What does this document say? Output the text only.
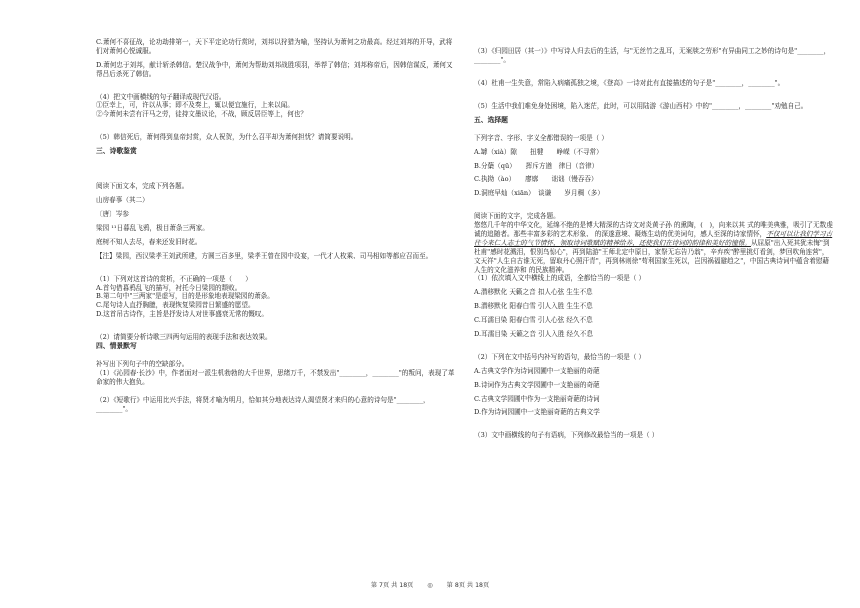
C.萧何不喜征战，论功劫排第一，天下平定论功行赏时，刘邦以狩猎为喻，坚持认为萧何之功最高。经过刘邦的开导，武将们对萧何心悦诚服。

D.萧何忠于刘邦，献计斩杀韩信。楚汉战争中，萧何为帮助刘邦战胜项羽，举荐了韩信；刘邦称帝后，因韩信谋反，萧何又帮吕后杀死了韩信。

（4）把文中画横线的句子翻译成现代汉语。

①臣幸上，可，许以从事；即不及奏上，辄以便宜施行，上来以闻。

②今萧何未尝有汗马之劳，徒持文墨议论，不战，顾反居臣等上，何也？

（5）韩信死后，萧何得到皇帝封赏，众人祝贺，为什么召平却为萧何担忧？请简要说明。

三、诗歌鉴赏

阅读下面文本，完成下列各题。

山房春事（其二）

〔唐〕岑参

梁园 ¹¹日暮乱飞鸦，极目萧条三两家。

庭树不知人去尽，春来还发旧时花。

【注】梁园，西汉梁孝王刘武所建，方圆三百多里，梁孝王曾在园中设宴，一代才人枚乘、司马相如等都应召而至。

（1）下列对这首诗的赏析，不正确的一项是（　　）

A.首句借暮鸦乱飞的描写，衬托今日梁园的颓败。

B.第二句中"三两家"是虚写，目的是形象地表现梁园的萧条。

C.尾句诗人直抒胸臆，表现恢复梁园昔日繁盛的愿望。

D.这首吊古诗作，主旨是抒发诗人对世事盛衰无常的慨叹。

（2）请简要分析诗歌三四两句运用的表现手法和表达效果。

四、情景默写

补写出下列句子中的空缺部分。

（1）《沁园春·长沙》中，作者面对一派生机勃勃的大千世界，思绪万千，不禁发出"________，________"的叛问，表现了革命家的伟大抱负。

（2）《短歌行》中运用比兴手法，将贤才喻为明月，恰如其分地表达诗人渴望贤才来归的心意的诗句是"________，________"。

（3）《归园田居（其一）》中写诗人归去后的生活，与"无丝竹之乱耳，无案牍之劳形"有异曲同工之妙的诗句是"________，________"。

（4）杜甫一生失意，常陷入病痛孤独之境，《登高》一诗对此有直接描述的句子是"________，________"。

（5）生活中我们难免身处困境，陷入迷茫，此时，可以用陆游《游山西村》中的"________，________"劝勉自己。

五、选择题

下列字音、字形、字义全都错误的一项是（ ）

A.罅（xià）隙　　扭犍　　峥嵘（不寻常）

B.分蘖（qū）　　挥斥方遒　律日（音律）

C.执拗（ào）　　廖廓　　诎诎（慢吞吞）

D.洞庭早灿（xiān）　谈谦　　岁月稠（多）

阅读下面的文字，完成各题。

悠悠几千年的中华文化，延绵不绝的是博大精深的古诗文对炎黄子孙 的熏陶，(　)，向来以其 式的唯美典雅，吸引了无数虔诚的追随者。那些丰富多彩的艺术形象、 的深遂意境、凝炼生动的优美词句，感人至深的诗家情怀，不仅可以让我们学习古往今来仁人志士的气节情怀，领取诗词歌赋的精神给养，还使我们在诗词的韵律和美好的憧憬。从屈原"出入死其犹未悔"到杜甫"感时花溅泪，恨别鸟惊心"，再到陆游"王师北定中原日，家祭无忘告乃翁"，辛弃疾"醉里挑灯看剑，梦回吹角连营"，文天祥"人生自古谁无死，留取丹心照汗青"，再到林则徐"苟利国家生死以，岂因祸福避趋之"，中国古典诗词中蕴含着慰藉人生的文化滋养和 的民族精神。

（1）依次填入文中横线上的成语，全都恰当的一项是（ ）

A.潜移默化 天籁之音 扣人心弦 生生不息

B.潜移默化 阳春白雪 引人入胜 生生不息

C.耳濡目染 阳春白雪 引人心弦 经久不息

D.耳濡目染 天籁之音 引人入胜 经久不息

（2）下列在文中括号内补写的语句，最恰当的一项是（ ）

A.古典文学作为诗词园圃中一支艳丽的奇葩

B.诗词作为古典文学园圃中一支艳丽的奇葩

C.古典文学园圃中作为一支艳丽奇葩的诗词

D.作为诗词园圃中一支艳丽奇葩的古典文学

（3）文中画横线的句子有语病，下列修改最恰当的一项是（ ）

第 7页 共 18页 ◎ 第 8页 共 18页
